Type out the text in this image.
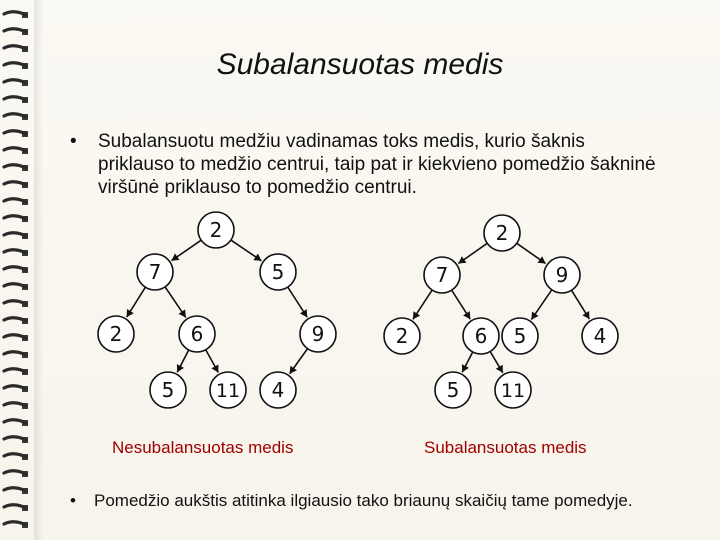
Subalansuotas medis
• Subalansuotu medžiu vadinamas toks medis, kurio šaknis priklauso to medžio centrui, taip pat ir kiekvieno pomedžio šakninė viršūnė priklauso to pomedžio centrui.
2
7	5
2	6	9
5 11 4
2
7	9
2	6 5	4
5 11
Nesubalansuotas medis	Subalansuotas medis
• Pomedžio aukštis atitinka ilgiausio tako briaunų skaičių tame pomedyje.
